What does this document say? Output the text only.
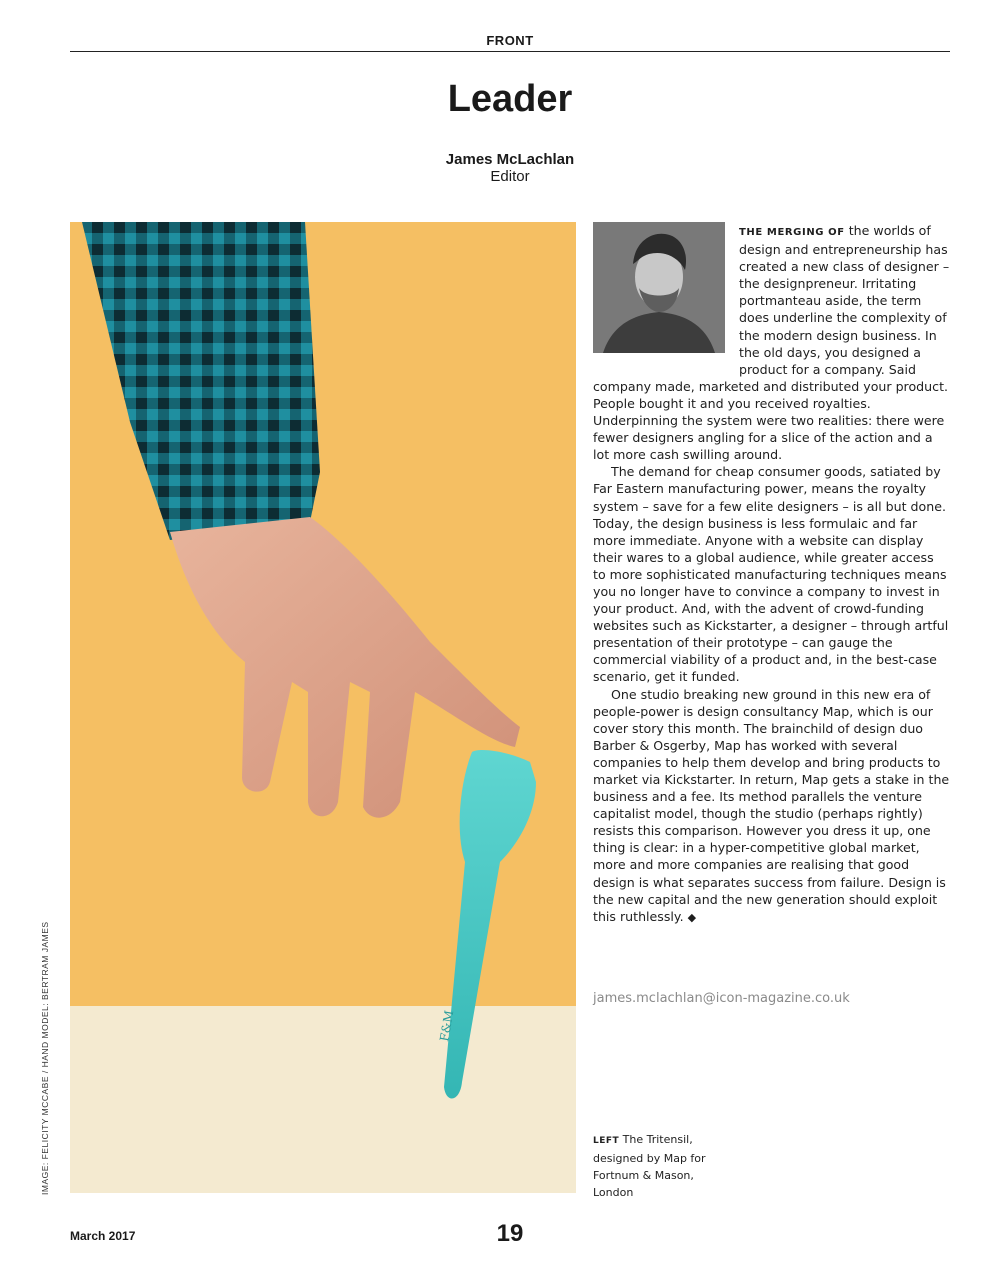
FRONT
Leader
James McLachlan
Editor
F&M
IMAGE: FELICITY MCCABE / HAND MODEL: BERTRAM JAMES

THE MERGING OF the worlds of design and entrepreneurship has created a new class of designer – the designpreneur. Irritating portmanteau aside, the term does underline the complexity of the modern design business. In the old days, you designed a product for a company. Said company made, marketed and distributed your product. People bought it and you received royalties. Underpinning the system were two realities: there were fewer designers angling for a slice of the action and a lot more cash swilling around.

The demand for cheap consumer goods, satiated by Far Eastern manufacturing power, means the royalty system – save for a few elite designers – is all but done. Today, the design business is less formulaic and far more immediate. Anyone with a website can display their wares to a global audience, while greater access to more sophisticated manufacturing techniques means you no longer have to convince a company to invest in your product. And, with the advent of crowd-funding websites such as Kickstarter, a designer – through artful presentation of their prototype – can gauge the commercial viability of a product and, in the best-case scenario, get it funded.

One studio breaking new ground in this new era of people-power is design consultancy Map, which is our cover story this month. The brainchild of design duo Barber & Osgerby, Map has worked with several companies to help them develop and bring products to market via Kickstarter. In return, Map gets a stake in the business and a fee. Its method parallels the venture capitalist model, though the studio (perhaps rightly) resists this comparison. However you dress it up, one thing is clear: in a hyper-competitive global market, more and more companies are realising that good design is what separates success from failure. Design is the new capital and the new generation should exploit this ruthlessly. ◆

james.mclachlan@icon-magazine.co.uk
LEFT The Tritensil, designed by Map for Fortnum & Mason, London
March 2017	19
